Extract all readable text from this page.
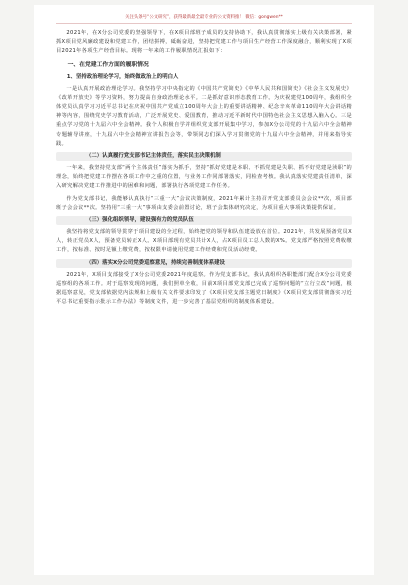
关注头条号“公文研究”，获得最新最全最专业的公文资料推！ 微信：gongwen**

2021年，在X分公司党委的坚强领导下，在X项目部班子成员的支持协助下，我认真贯彻落实上级有关决策部署，紧抓X项目党风廉政建设和党建工作，团结拼搏，砥砺奋进，坚持把党建工作与项目生产经营工作深度融合，顺利实现了X项目2021年各项生产经营目标。现将一年来的工作履职情况汇报如下：

一、在党建工作方面的履职情况
1、坚持政治理论学习，始终做政治上的明白人

一是认真开展政治理论学习。我坚持学习中央指定的《中国共产党简史》《中华人民共和国简史》《社会主义发展史》《改革开放史》等学习资料，努力提高自身政治理论水平。二是抓好意识形态教育工作。为庆祝建党100周年，我组织全体党员认真学习习近平总书记在庆祝中国共产党成立100周年大会上的重要讲话精神、纪念辛亥革命110周年大会讲话精神等内容，围绕党史学习教育活动，广泛开展党史、爱国教育，推动习近平新时代中国特色社会主义思想入脑入心。三是重点学习党的十九届六中全会精神。我个人积极自学并组织党支部开展集中学习，参加X分公司党的十九届六中全会精神专题辅导讲座，十九届六中全会精神宣讲报告会等，带领同志们深入学习贯彻党的十九届六中全会精神，并用来指导实践。

（二）认真履行党支部书记主体责任，落实民主决策机制

一年来，我坚持党支部“两个主体责任”落实为抓手，坚持“抓好党建是本职、不抓党建是失职、抓不好党建是渎职”的理念，始终把党建工作摆在各项工作中之重的位置，与业务工作同部署落实，同检查考核。我认真落实党建责任清单，深入研究解决党建工作推进中的困难和问题，部署执行各项党建工作任务。

作为党支部书记，我能够认真执行“三重一大”会议决策制度，2021年累计主持召开党支部委员会会议**次，项目部班子会会议**次。坚持用“三重一大”事项由支委会前置讨论，班子会集体研究决定，为项目重大事项决策提供保证。

（三）强化组织领导，建设强有力的党员队伍

我坚持将党支部的领导贯穿于项目建设的全过程，始终把党的领导和队伍建设放在首位。2021年，共发展预备党员X人，转正党员X人，预备党员转正X人。X项目部现有党员共计X人，占X项目员工总人数的X%。党支部严格按照党费收缴工作，按标准、按时足额上缴党费，按权限申请使用党建工作经费和党员活动经费。

（四）落实X分公司党委巡察意见，持续完善制度体系建设

2021年，X项目支部接受了X分公司党委2021年度巡察。作为党支部书记，我认真组织各职能部门配合X分公司党委巡察组的各项工作。对于巡察发现的问题，我们照单全收，目前X项目部党支部已完成了巡察问题的“立行立改”问题，根据巡察意见，党支部依据党内法规和上级有关文件要求印发了《X项目党支部主题党日制度》《X项目党支部贯彻落实习近平总书记重要指示批示工作办法》等制度文件，进一步完善了基层党组织的制度体系建设。
